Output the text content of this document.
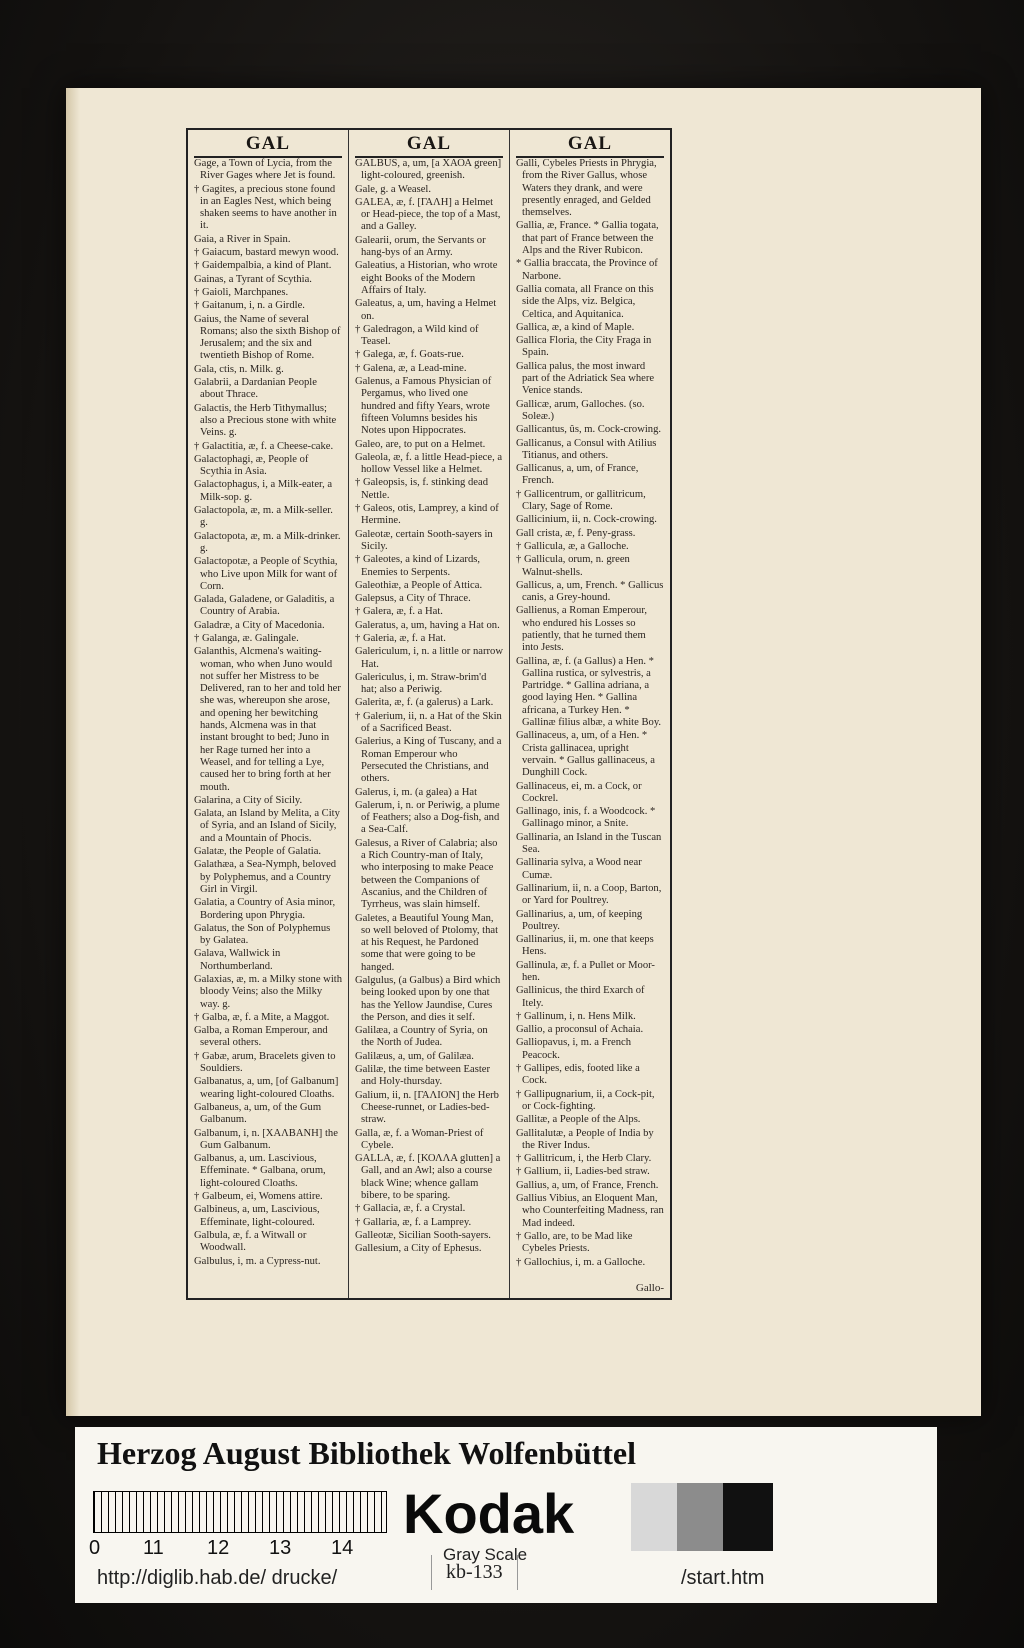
GAL
Gage, a Town of Lycia, from the River Gages where Jet is found.
† Gagites, a precious stone found in an Eagles Nest, which being shaken seems to have another in it.
Gaia, a River in Spain.
† Gaiacum, bastard mewyn wood.
† Gaidempalbia, a kind of Plant.
Gainas, a Tyrant of Scythia.
† Gaioli, Marchpanes.
† Gaitanum, i, n. a Girdle.
Gaius, the Name of several Romans; also the sixth Bishop of Jerusalem; and the six and twentieth Bishop of Rome.
Gala, ctis, n. Milk. g.
Galabrii, a Dardanian People about Thrace.
Galactis, the Herb Tithymallus; also a Precious stone with white Veins. g.
† Galactitia, æ, f. a Cheese-cake.
Galactophagi, æ, People of Scythia in Asia.
Galactophagus, i, a Milk-eater, a Milk-sop. g.
Galactopola, æ, m. a Milk-seller. g.
Galactopota, æ, m. a Milk-drinker. g.
Galactopotæ, a People of Scythia, who Live upon Milk for want of Corn.
Galada, Galadene, or Galaditis, a Country of Arabia.
Galadræ, a City of Macedonia.
† Galanga, æ. Galingale.
Galanthis, Alcmena's waiting-woman, who when Juno would not suffer her Mistress to be Delivered, ran to her and told her she was, whereupon she arose, and opening her bewitching hands, Alcmena was in that instant brought to bed; Juno in her Rage turned her into a Weasel, and for telling a Lye, caused her to bring forth at her mouth.
Galarina, a City of Sicily.
Galata, an Island by Melita, a City of Syria, and an Island of Sicily, and a Mountain of Phocis.
Galatæ, the People of Galatia.
Galathæa, a Sea-Nymph, beloved by Polyphemus, and a Country Girl in Virgil.
Galatia, a Country of Asia minor, Bordering upon Phrygia.
Galatus, the Son of Polyphemus by Galatea.
Galava, Wallwick in Northumberland.
Galaxias, æ, m. a Milky stone with bloody Veins; also the Milky way. g.
† Galba, æ, f. a Mite, a Maggot.
Galba, a Roman Emperour, and several others.
† Gabæ, arum, Bracelets given to Souldiers.
Galbanatus, a, um, [of Galbanum] wearing light-coloured Cloaths.
Galbaneus, a, um, of the Gum Galbanum.
Galbanum, i, n. [ΧΑΛΒΑΝΗ] the Gum Galbanum.
Galbanus, a, um. Lascivious, Effeminate. * Galbana, orum, light-coloured Cloaths.
† Galbeum, ei, Womens attire.
Galbineus, a, um, Lascivious, Effeminate, light-coloured.
Galbula, æ, f. a Witwall or Woodwall.
Galbulus, i, m. a Cypress-nut.
GAL
GALBUS, a, um, [a ΧΑΟΑ green] light-coloured, greenish.
Gale, g. a Weasel.
GALEA, æ, f. [ΓΑΛΗ] a Helmet or Head-piece, the top of a Mast, and a Galley.
Galearii, orum, the Servants or hang-bys of an Army.
Galeatius, a Historian, who wrote eight Books of the Modern Affairs of Italy.
Galeatus, a, um, having a Helmet on.
† Galedragon, a Wild kind of Teasel.
† Galega, æ, f. Goats-rue.
† Galena, æ, a Lead-mine.
Galenus, a Famous Physician of Pergamus, who lived one hundred and fifty Years, wrote fifteen Volumns besides his Notes upon Hippocrates.
Galeo, are, to put on a Helmet.
Galeola, æ, f. a little Head-piece, a hollow Vessel like a Helmet.
† Galeopsis, is, f. stinking dead Nettle.
† Galeos, otis, Lamprey, a kind of Hermine.
Galeotæ, certain Sooth-sayers in Sicily.
† Galeotes, a kind of Lizards, Enemies to Serpents.
Galeothiæ, a People of Attica.
Galepsus, a City of Thrace.
† Galera, æ, f. a Hat.
Galeratus, a, um, having a Hat on.
† Galeria, æ, f. a Hat.
Galericulum, i, n. a little or narrow Hat.
Galericulus, i, m. Straw-brim'd hat; also a Periwig.
Galerita, æ, f. (a galerus) a Lark.
† Galerium, ii, n. a Hat of the Skin of a Sacrificed Beast.
Galerius, a King of Tuscany, and a Roman Emperour who Persecuted the Christians, and others.
Galerus, i, m. (a galea) a Hat
Galerum, i, n. or Periwig, a plume of Feathers; also a Dog-fish, and a Sea-Calf.
Galesus, a River of Calabria; also a Rich Country-man of Italy, who interposing to make Peace between the Companions of Ascanius, and the Children of Tyrrheus, was slain himself.
Galetes, a Beautiful Young Man, so well beloved of Ptolomy, that at his Request, he Pardoned some that were going to be hanged.
Galgulus, (a Galbus) a Bird which being looked upon by one that has the Yellow Jaundise, Cures the Person, and dies it self.
Galilæa, a Country of Syria, on the North of Judea.
Galilæus, a, um, of Galilæa.
Galilæ, the time between Easter and Holy-thursday.
Galium, ii, n. [ΓΑΛΙΟΝ] the Herb Cheese-runnet, or Ladies-bed-straw.
Galla, æ, f. a Woman-Priest of Cybele.
GALLA, æ, f. [ΚΟΛΛΑ glutten] a Gall, and an Awl; also a course black Wine; whence gallam bibere, to be sparing.
† Gallacia, æ, f. a Crystal.
† Gallaria, æ, f. a Lamprey.
Galleotæ, Sicilian Sooth-sayers.
Gallesium, a City of Ephesus.
GAL
Galli, Cybeles Priests in Phrygia, from the River Gallus, whose Waters they drank, and were presently enraged, and Gelded themselves.
Gallia, æ, France. * Gallia togata, that part of France between the Alps and the River Rubicon.
* Gallia braccata, the Province of Narbone.
Gallia comata, all France on this side the Alps, viz. Belgica, Celtica, and Aquitanica.
Gallica, æ, a kind of Maple.
Gallica Floria, the City Fraga in Spain.
Gallica palus, the most inward part of the Adriatick Sea where Venice stands.
Gallicæ, arum, Galloches. (so. Soleæ.)
Gallicantus, ûs, m. Cock-crowing.
Gallicanus, a Consul with Atilius Titianus, and others.
Gallicanus, a, um, of France, French.
† Gallicentrum, or gallitricum, Clary, Sage of Rome.
Gallicinium, ii, n. Cock-crowing.
Gall crista, æ, f. Peny-grass.
† Gallicula, æ, a Galloche.
† Gallicula, orum, n. green Walnut-shells.
Gallicus, a, um, French. * Gallicus canis, a Grey-hound.
Gallienus, a Roman Emperour, who endured his Losses so patiently, that he turned them into Jests.
Gallina, æ, f. (a Gallus) a Hen. * Gallina rustica, or sylvestris, a Partridge. * Gallina adriana, a good laying Hen. * Gallina africana, a Turkey Hen. * Gallinæ filius albæ, a white Boy.
Gallinaceus, a, um, of a Hen. * Crista gallinacea, upright vervain. * Gallus gallinaceus, a Dunghill Cock.
Gallinaceus, ei, m. a Cock, or Cockrel.
Gallinago, inis, f. a Woodcock. * Gallinago minor, a Snite.
Gallinaria, an Island in the Tuscan Sea.
Gallinaria sylva, a Wood near Cumæ.
Gallinarium, ii, n. a Coop, Barton, or Yard for Poultrey.
Gallinarius, a, um, of keeping Poultrey.
Gallinarius, ii, m. one that keeps Hens.
Gallinula, æ, f. a Pullet or Moor-hen.
Gallinicus, the third Exarch of Itely.
† Gallinum, i, n. Hens Milk.
Gallio, a proconsul of Achaia.
Galliopavus, i, m. a French Peacock.
† Gallipes, edis, footed like a Cock.
† Gallipugnarium, ii, a Cock-pit, or Cock-fighting.
Gallitæ, a People of the Alps.
Gallitalutæ, a People of India by the River Indus.
† Gallitricum, i, the Herb Clary.
† Gallium, ii, Ladies-bed straw.
Gallius, a, um, of France, French.
Gallius Vibius, an Eloquent Man, who Counterfeiting Madness, ran Mad indeed.
† Gallo, are, to be Mad like Cybeles Priests.
† Gallochius, i, m. a Galloche.
Gallo-
Herzog August Bibliothek Wolfenbüttel
0 11 12 13 14
Kodak
Gray Scale
http://diglib.hab.de/ drucke/	kb-133	/start.htm
